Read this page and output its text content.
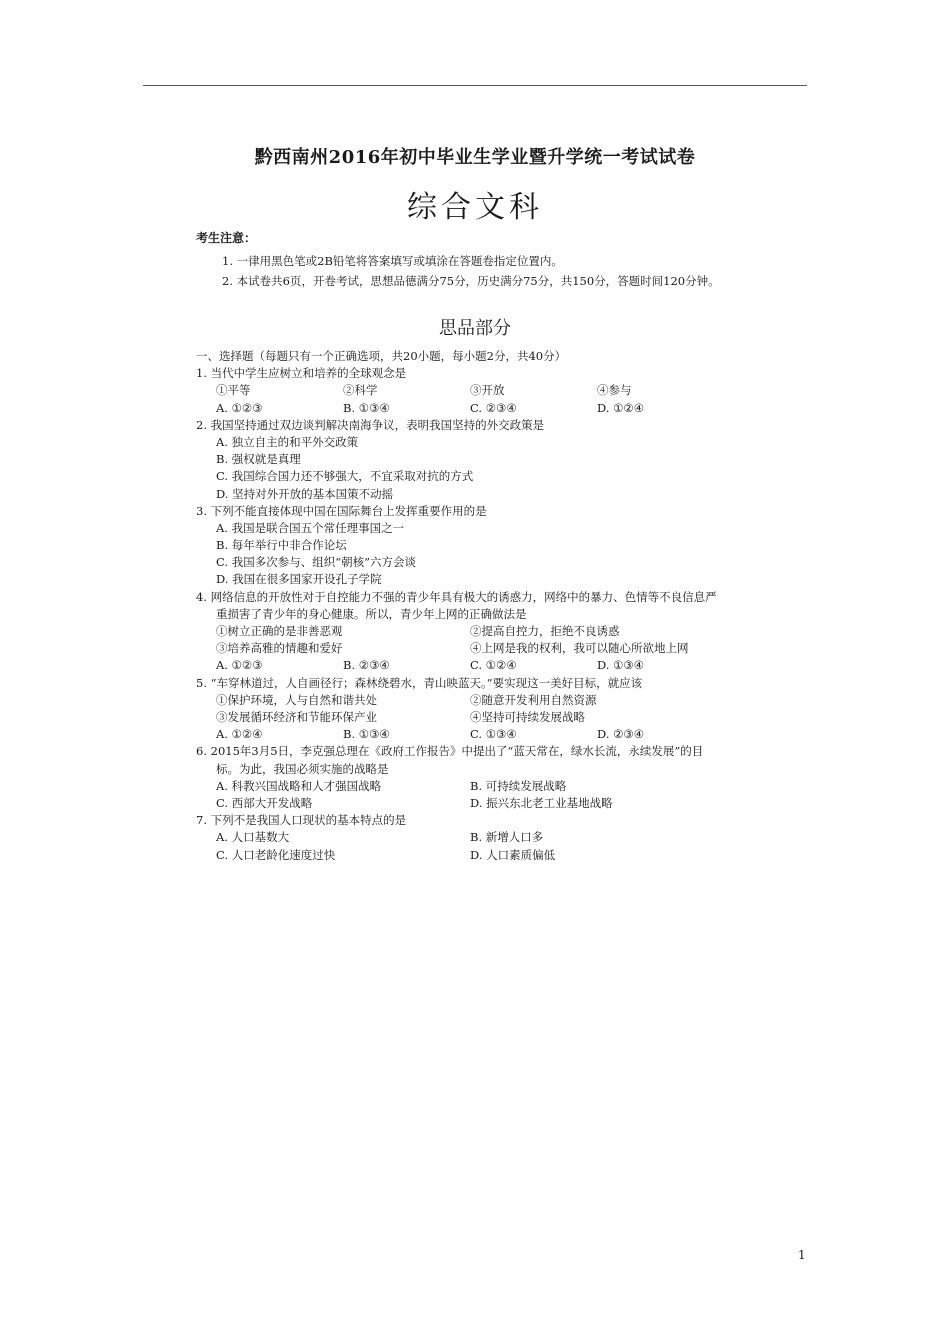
黔西南州2016年初中毕业生学业暨升学统一考试试卷
综合文科
考生注意：
1. 一律用黑色笔或2B铅笔将答案填写或填涂在答题卷指定位置内。
2. 本试卷共6页，开卷考试，思想品德满分75分，历史满分75分，共150分，答题时间120分钟。
思品部分
一、选择题（每题只有一个正确选项，共20小题，每小题2分，共40分）
1. 当代中学生应树立和培养的全球观念是
①平等	②科学	③开放	④参与
A. ①②③	B. ①③④	C. ②③④	D. ①②④
2. 我国坚持通过双边谈判解决南海争议，表明我国坚持的外交政策是
A. 独立自主的和平外交政策
B. 强权就是真理
C. 我国综合国力还不够强大，不宜采取对抗的方式
D. 坚持对外开放的基本国策不动摇
3. 下列不能直接体现中国在国际舞台上发挥重要作用的是
A. 我国是联合国五个常任理事国之一
B. 每年举行中非合作论坛
C. 我国多次参与、组织“朝核”六方会谈
D. 我国在很多国家开设孔子学院
4. 网络信息的开放性对于自控能力不强的青少年具有极大的诱惑力，网络中的暴力、色情等不良信息严重损害了青少年的身心健康。所以，青少年上网的正确做法是
①树立正确的是非善恶观	②提高自控力，拒绝不良诱惑
③培养高雅的情趣和爱好	④上网是我的权利，我可以随心所欲地上网
A. ①②③	B. ②③④	C. ①②④	D. ①③④
5. “车穿林道过，人自画径行；森林绕碧水，青山映蓝天。”要实现这一美好目标，就应该
①保护环境，人与自然和谐共处	②随意开发利用自然资源
③发展循环经济和节能环保产业	④坚持可持续发展战略
A. ①②④	B. ①③④	C. ①③④	D. ②③④
6. 2015年3月5日，李克强总理在《政府工作报告》中提出了“蓝天常在，绿水长流，永续发展”的目标。为此，我国必须实施的战略是
A. 科教兴国战略和人才强国战略	B. 可持续发展战略
C. 西部大开发战略	D. 振兴东北老工业基地战略
7. 下列不是我国人口现状的基本特点的是
A. 人口基数大	B. 新增人口多
C. 人口老龄化速度过快	D. 人口素质偏低
1
